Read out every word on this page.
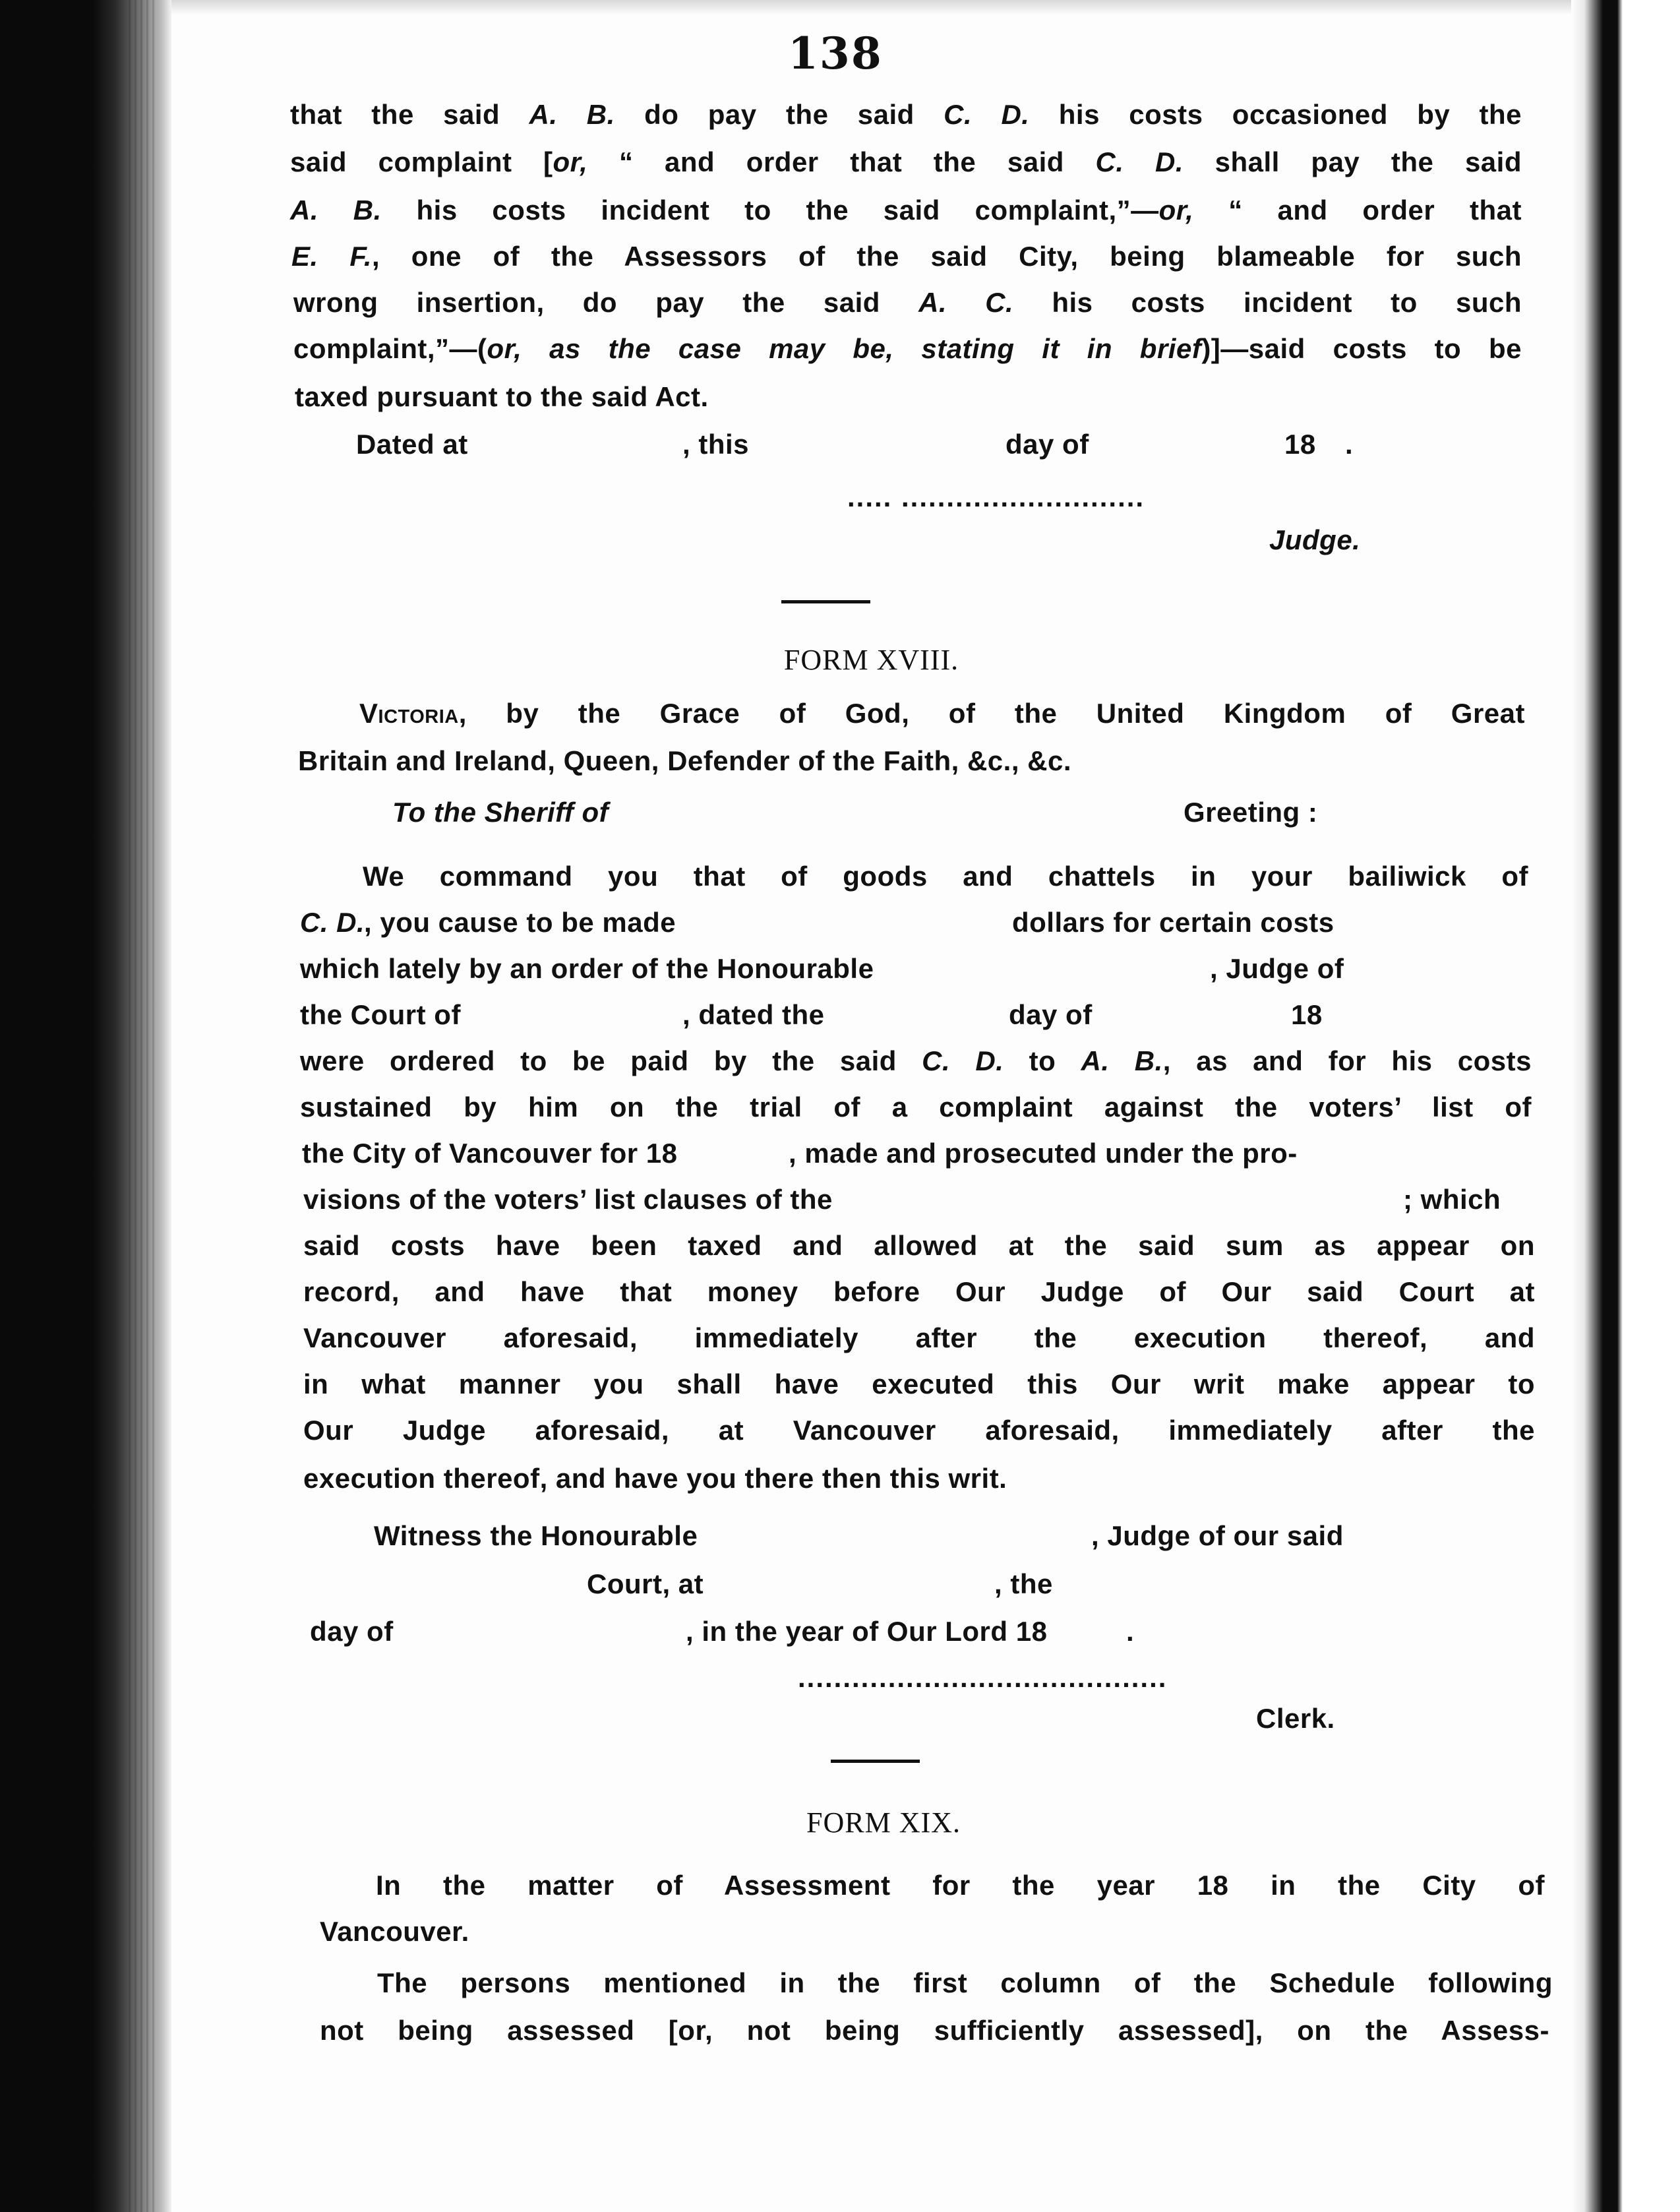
138
that the said A. B. do pay the said C. D. his costs occasioned by the
said complaint [or, “ and order that the said C. D. shall pay the said
A. B. his costs incident to the said complaint,”—or, “ and order that
E. F., one of the Assessors of the said City, being blameable for such
wrong insertion, do pay the said A. C. his costs incident to such
complaint,”—(or, as the case may be, stating it in brief)]—said costs to be
taxed pursuant to the said Act.
Dated at	, this	day of	18 .
..... ...........................
Judge.
FORM XVIII.
Victoria, by the Grace of God, of the United Kingdom of Great
Britain and Ireland, Queen, Defender of the Faith, &c., &c.
To the Sheriff of	Greeting :
We command you that of goods and chattels in your bailiwick of
C. D.
, you cause to be made	dollars for certain costs
which lately by an order of the Honourable	, Judge of
the Court of	, dated the	day of	18
were ordered to be paid by the said C. D. to A. B., as and for his costs
sustained by him on the trial of a complaint against the voters’ list of
the City of Vancouver for 18	, made and prosecuted under the pro-
visions of the voters’ list clauses of the	; which
said costs have been taxed and allowed at the said sum as appear on
record, and have that money before Our Judge of Our said Court at
Vancouver aforesaid, immediately after the execution thereof, and
in what manner you shall have executed this Our writ make appear to
Our Judge aforesaid, at Vancouver aforesaid, immediately after the
execution thereof, and have you there then this writ.
Witness the Honourable	, Judge of our said
Court, at	, the
day of	, in the year of Our Lord 18	.
.........................................
Clerk.
FORM XIX.
In the matter of Assessment for the year 18 in the City of
Vancouver.
The persons mentioned in the first column of the Schedule following
not being assessed [or, not being sufficiently assessed], on the Assess-
